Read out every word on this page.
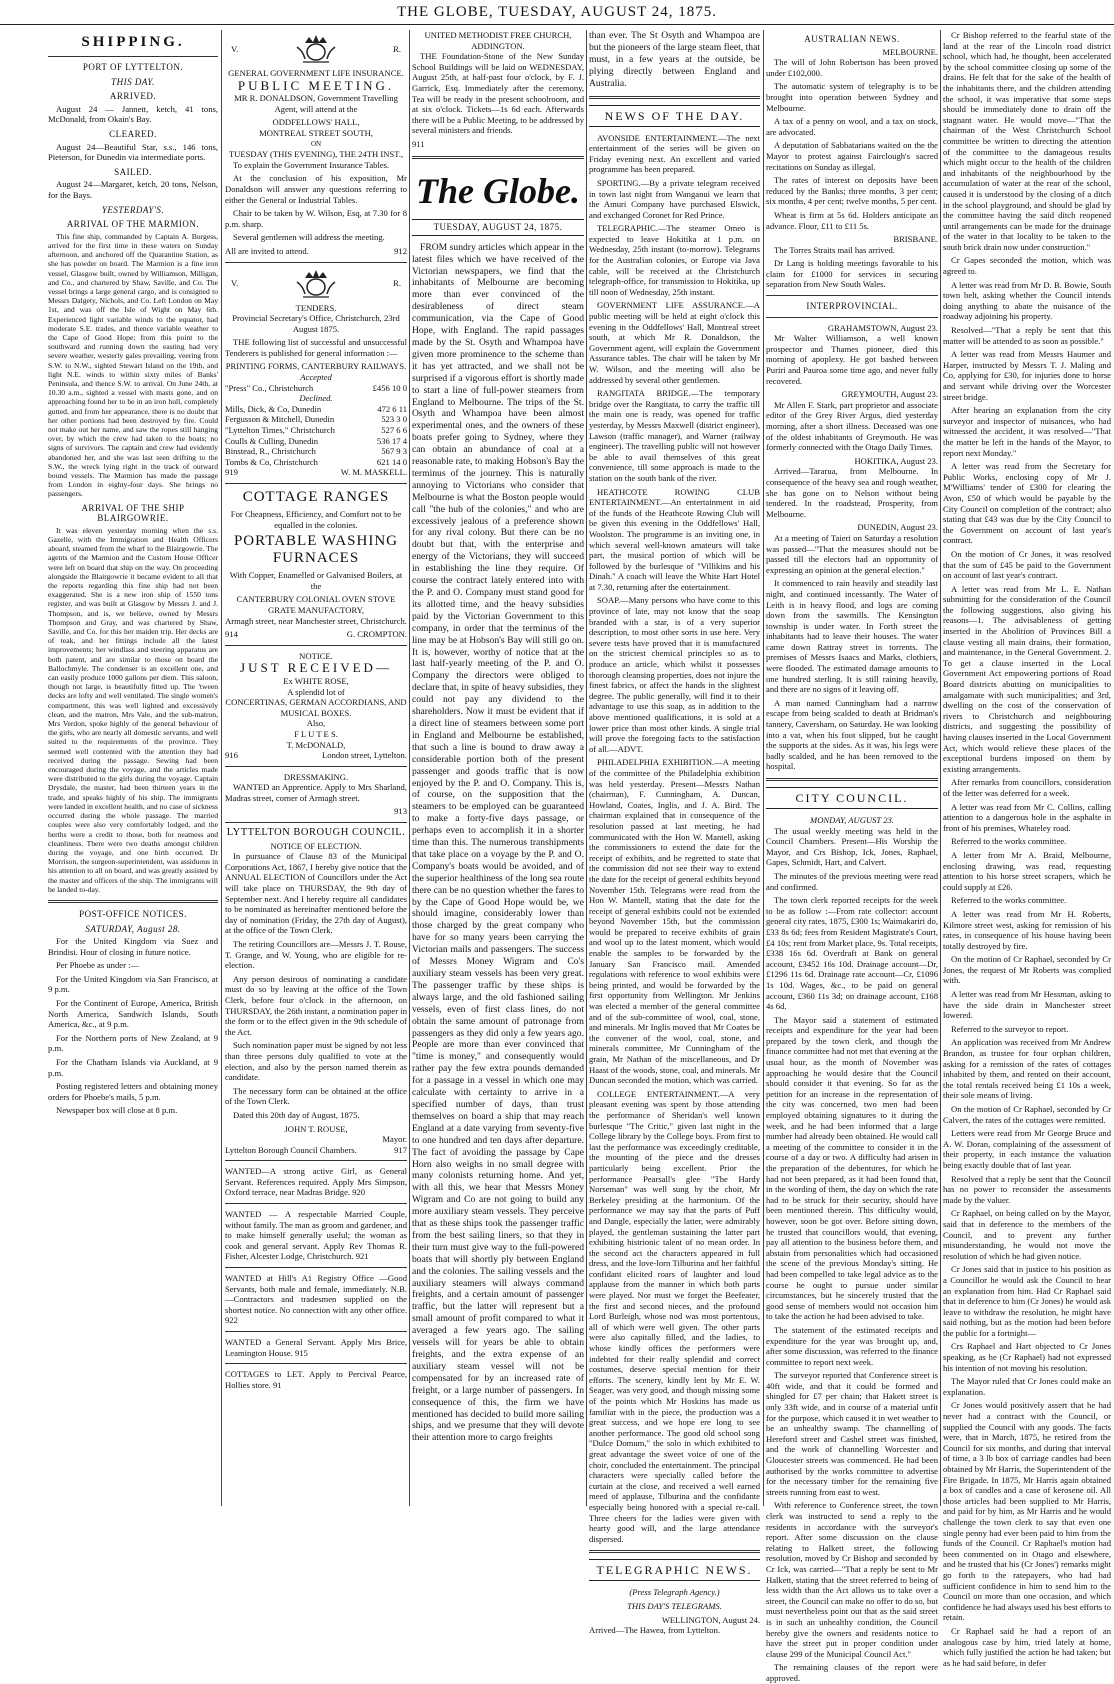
THE GLOBE, TUESDAY, AUGUST 24, 1875.
SHIPPING.
PORT OF LYTTELTON.
THIS DAY.
ARRIVED.

August 24 — Jannett, ketch, 41 tons, McDonald, from Okain's Bay.

CLEARED.

August 24—Beautiful Star, s.s., 146 tons, Pieterson, for Dunedin via intermediate ports.

SAILED.

August 24—Margaret, ketch, 20 tons, Nelson, for the Bays.

YESTERDAY'S.
ARRIVAL OF THE MARMION.

This fine ship, commanded by Captain A. Burgess, arrived for the first time in these waters on Sunday afternoon, and anchored off the Quarantine Station, as she has powder on board. The Marmion is a fine iron vessel, Glasgow built, owned by Williamson, Milligan, and Co., and chartered by Shaw, Saville, and Co. The vessel brings a large general cargo, and is consigned to Messrs Dalgety, Nichols, and Co. Left London on May 1st, and was off the Isle of Wight on May 6th. Experienced light variable winds to the equator, had moderate S.E. trades, and thence variable weather to the Cape of Good Hope; from this point to the southward and running down the easting had very severe weather, westerly gales prevailing, veering from S.W. to N.W., sighted Stewart Island on the 19th, and light N.E. winds to within sixty miles of Banks' Peninsula, and thence S.W. to arrival. On June 24th, at 10.30 a.m., sighted a vessel with masts gone, and on approaching found her to be in an iron hull, completely gutted, and from her appearance, there is no doubt that her other portions had been destroyed by fire. Could not make out her name, and saw the ropes still hanging over, by which the crew had taken to the boats; no signs of survivors. The captain and crew had evidently abandoned her, and she was last seen drifting to the S.W., the wreck lying right in the track of outward bound vessels. The Marmion has made the passage from London in eighty-four days. She brings no passengers.

ARRIVAL OF THE SHIP BLAIRGOWRIE.

It was eleven yesterday morning when the s.s. Gazelle, with the Immigration and Health Officers aboard, steamed from the wharf to the Blairgowrie. The agents of the Marmion and the Custom House Officer were left on board that ship on the way. On proceeding alongside the Blairgowrie it became evident to all that the reports regarding this fine ship had not been exaggerated. She is a new iron ship of 1550 tons register, and was built at Glasgow by Messrs J. and J. Thompson, and is, we believe, owned by Messrs Thompson and Gray, and was chartered by Shaw, Saville, and Co. for this her maiden trip. Her decks are of teak, and her fittings include all the latest improvements; her windlass and steering apparatus are both patent, and are similar to those on board the Ballochmyle. The condenser is an excellent one, and can easily produce 1000 gallons per diem. This saloon, though not large, is beautifully fitted up. The 'tween decks are lofty and well ventilated. The single women's compartment, this was well lighted and excessively clean, and the matron, Mrs Vale, and the sub-matron, Mrs Verdon, spoke highly of the general behaviour of the girls, who are nearly all domestic servants, and well suited to the requirements of the province. They seemed well contented with the attention they had received during the passage. Sewing had been encouraged during the voyage, and the articles made were distributed to the girls during the voyage. Captain Drysdale, the master, had been thirteen years in the trade, and speaks highly of his ship. The immigrants were landed in excellent health, and no case of sickness occurred during the whole passage. The married couples were also very comfortably lodged, and the berths were a credit to those, both for neatness and cleanliness. There were two deaths amongst children during the voyage, and one birth occurred. Dr Morrison, the surgeon-superintendent, was assiduous in his attention to all on board, and was greatly assisted by the master and officers of the ship. The immigrants will be landed to-day.

POST-OFFICE NOTICES.
SATURDAY, August 28.

For the United Kingdom via Suez and Brindisi. Hour of closing in future notice.

Per Phoebe as under :—

For the United Kingdom via San Francisco, at 9 p.m.

For the Continent of Europe, America, British North America, Sandwich Islands, South America, &c., at 9 p.m.

For the Northern ports of New Zealand, at 9 p.m.

For the Chatham Islands via Auckland, at 9 p.m.

Posting registered letters and obtaining money orders for Phoebe's mails, 5 p.m.

Newspaper box will close at 8 p.m.

V.	R.
GENERAL GOVERNMENT LIFE INSURANCE.
PUBLIC MEETING.

MR R. DONALDSON, Government Travelling Agent, will attend at the

ODDFELLOWS' HALL,
MONTREAL STREET SOUTH,
ON
TUESDAY (THIS EVENING), THE 24TH INST.,

To explain the Government Insurance Tables.

At the conclusion of his exposition, Mr Donaldson will answer any questions referring to either the General or Industrial Tables.

Chair to be taken by W. Wilson, Esq, at 7.30 for 8 p.m. sharp.

Several gentlemen will address the meeting.

All are invited to attend.	912
V.	R.
TENDERS.

Provincial Secretary's Office, Christchurch, 23rd August 1875.

THE following list of successful and unsuccessful Tenderers is published for general information :—

PRINTING FORMS, CANTERBURY RAILWAYS.
Accepted
"Press" Co., Christchurch	£456 10 0
Declined.
Mills, Dick, & Co, Dunedin	472 6 11
Fergusson & Mitchell, Dunedin	523 3 0
"Lyttelton Times," Christchurch	527 6 6
Coulls & Culling, Dunedin	536 17 4
Binstead, R., Christchurch	567 9 3
Tombs & Co, Christchurch	621 14 0
919	W. M. MASKELL.
COTTAGE RANGES

For Cheapness, Efficiency, and Comfort not to be equalled in the colonies.

PORTABLE WASHING FURNACES

With Copper, Enamelled or Galvanised Boilers, at the

CANTERBURY COLONIAL OVEN STOVE GRATE MANUFACTORY,

Armagh street, near Manchester street, Christchurch.

914	G. CROMPTON.
NOTICE.
JUST RECEIVED—
Ex WHITE ROSE,
A splendid lot of
CONCERTINAS, GERMAN ACCORDIANS, AND MUSICAL BOXES.
Also,
F L U T E S.
T. McDONALD,
916	London street, Lyttelton.
DRESSMAKING.

WANTED an Apprentice. Apply to Mrs Sharland, Madras street, corner of Armagh street.

913
LYTTELTON BOROUGH COUNCIL.
NOTICE OF ELECTION.

In pursuance of Clause 83 of the Municipal Corporations Act, 1867, I hereby give notice that the ANNUAL ELECTION of Councillors under the Act will take place on THURSDAY, the 9th day of September next. And I hereby require all candidates to be nominated as hereinafter mentioned before the day of nomination (Friday, the 27th day of August), at the office of the Town Clerk.

The retiring Councillors are—Messrs J. T. Rouse, T. Grange, and W. Young, who are eligible for re-election.

Any person desirous of nominating a candidate must do so by leaving at the office of the Town Clerk, before four o'clock in the afternoon, on THURSDAY, the 26th instant, a nomination paper in the form or to the effect given in the 9th schedule of the Act.

Such nomination paper must be signed by not less than three persons duly qualified to vote at the election, and also by the person named therein as candidate.

The necessary form can be obtained at the office of the Town Clerk.

Dated this 20th day of August, 1875.

JOHN T. ROUSE,
Mayor.
Lyttelton Borough Council Chambers.	917

WANTED—A strong active Girl, as General Servant. References required. Apply Mrs Simpson, Oxford terrace, near Madras Bridge. 920

WANTED — A respectable Married Couple, without family. The man as groom and gardener, and to make himself generally useful; the woman as cook and general servant. Apply Rev Thomas R. Fisher, Alcester Lodge, Christchurch. 921

WANTED at Hill's A1 Registry Office —Good Servants, both male and female, immediately. N.B.—Contractors and tradesmen supplied on the shortest notice. No connection with any other office. 922

WANTED a General Servant. Apply Mrs Brice, Leamington House. 915

COTTAGES to LET. Apply to Percival Pearce, Hollies store. 91

UNITED METHODIST FREE CHURCH, ADDINGTON.

THE Foundation-Stone of the New Sunday School Buildings will be laid on WEDNESDAY, August 25th, at half-past four o'clock, by F. J. Garrick, Esq. Immediately after the ceremony, Tea will be ready in the present schoolroom, and at six o'clock. Tickets—1s 6d each. Afterwards there will be a Public Meeting, to be addressed by several ministers and friends.

911
The Globe.
TUESDAY, AUGUST 24, 1875.

FROM sundry articles which appear in the latest files which we have received of the Victorian newspapers, we find that the inhabitants of Melbourne are becoming more than ever convinced of the desirableness of direct steam communication, via the Cape of Good Hope, with England. The rapid passages made by the St. Osyth and Whampoa have given more prominence to the scheme than it has yet attracted, and we shall not be surprised if a vigorous effort is shortly made to start a line of full-power steamers from England to Melbourne. The trips of the St. Osyth and Whampoa have been almost experimental ones, and the owners of these boats prefer going to Sydney, where they can obtain an abundance of coal at a reasonable rate, to making Hobson's Bay the terminus of the journey. This is naturally annoying to Victorians who consider that Melbourne is what the Boston people would call "the hub of the colonies," and who are excessively jealous of a preference shown for any rival colony. But there can be no doubt but that, with the enterprise and energy of the Victorians, they will succeed in establishing the line they require. Of course the contract lately entered into with the P. and O. Company must stand good for its allotted time, and the heavy subsidies paid by the Victorian Government to this company, in order that the terminus of the line may be at Hobson's Bay will still go on. It is, however, worthy of notice that at the last half-yearly meeting of the P. and O. Company the directors were obliged to declare that, in spite of heavy subsidies, they could not pay any dividend to the shareholders. Now it must be evident that if a direct line of steamers between some port in England and Melbourne be established, that such a line is bound to draw away a considerable portion both of the present passenger and goods traffic that is now enjoyed by the P. and O. Company. This is, of course, on the supposition that the steamers to be employed can be guaranteed to make a forty-five days passage, or perhaps even to accomplish it in a shorter time than this. The numerous transhipments that take place on a voyage by the P. and O. Company's boats would be avoided, and of the superior healthiness of the long sea route there can be no question whether the fares to by the Cape of Good Hope would be, we should imagine, considerably lower than those charged by the great company who have for so many years been carrying the Victorian mails and passengers. The success of Messrs Money Wigram and Co's auxiliary steam vessels has been very great. The passenger traffic by these ships is always large, and the old fashioned sailing vessels, even of first class lines, do not obtain the same amount of patronage from passengers as they did only a few years ago. People are more than ever convinced that "time is money," and consequently would rather pay the few extra pounds demanded for a passage in a vessel in which one may calculate with certainty to arrive in a specified number of days, than trust themselves on board a ship that may reach England at a date varying from seventy-five to one hundred and ten days after departure. The fact of avoiding the passage by Cape Horn also weighs in no small degree with many colonists returning home. And yet, with all this, we hear that Messrs Money Wigram and Co are not going to build any more auxiliary steam vessels. They perceive that as these ships took the passenger traffic from the best sailing liners, so that they in their turn must give way to the full-powered boats that will shortly ply between England and the colonies. The sailing vessels and the auxiliary steamers will always command freights, and a certain amount of passenger traffic, but the latter will represent but a small amount of profit compared to what it averaged a few years ago. The sailing vessels will for years be able to obtain freights, and the extra expense of an auxiliary steam vessel will not be compensated for by an increased rate of freight, or a large number of passengers. In consequence of this, the firm we have mentioned has decided to build more sailing ships, and we presume that they will devote their attention more to cargo freights

than ever. The St Osyth and Whampoa are but the pioneers of the large steam fleet, that must, in a few years at the outside, be plying directly between England and Australia.

NEWS OF THE DAY.

AVONSIDE ENTERTAINMENT.—The next entertainment of the series will be given on Friday evening next. An excellent and varied programme has been prepared.

SPORTING.—By a private telegram received in town last night from Wanganui we learn that the Amuri Company have purchased Elswick, and exchanged Coronet for Red Prince.

TELEGRAPHIC.—The steamer Omeo is expected to leave Hokitika at 1 p.m. on Wednesday, 25th instant (to-morrow). Telegrams for the Australian colonies, or Europe via Java cable, will be received at the Christchurch telegraph-office, for transmission to Hokitika, up till noon of Wednesday, 25th instant.

GOVERNMENT LIFE ASSURANCE.—A public meeting will be held at eight o'clock this evening in the Oddfellows' Hall, Montreal street south, at which Mr R. Donaldson, the Government agent, will explain the Government Assurance tables. The chair will be taken by Mr W. Wilson, and the meeting will also be addressed by several other gentlemen.

RANGITATA BRIDGE.—The temporary bridge over the Rangitata, to carry the traffic till the main one is ready, was opened for traffic yesterday, by Messrs Maxwell (district engineer), Lawson (traffic manager), and Warner (railway engineer). The travelling public will not however be able to avail themselves of this great convenience, till some approach is made to the station on the south bank of the river.

HEATHCOTE ROWING CLUB ENTERTAINMENT.—An entertainment in aid of the funds of the Heathcote Rowing Club will be given this evening in the Oddfellows' Hall, Woolston. The programme is an inviting one, in which several well-known amateurs will take part, the musical portion of which will be followed by the burlesque of "Villikins and his Dinah." A coach will leave the White Hart Hotel at 7.30, returning after the entertainment.

SOAP.—Many persons who have come to this province of late, may not know that the soap branded with a star, is of a very superior description, to most other sorts in use here. Very severe tests have proved that it is manufactured on the strictest chemical principles so as to produce an article, which whilst it possesses thorough cleansing properties, does not injure the finest fabrics, or affect the hands in the slightest degree. The public generally, will find it to their advantage to use this soap, as in addition to the above mentioned qualifications, it is sold at a lower price than most other kinds. A single trial will prove the foregoing facts to the satisfaction of all.—ADVT.

PHILADELPHIA EXHIBITION.—A meeting of the committee of the Philadelphia exhibition was held yesterday. Present—Messrs Nathan (chairman), F. Cunningham, A. Duncan, Howland, Coates, Inglis, and J. A. Bird. The chairman explained that in consequence of the resolution passed at last meeting, he had communicated with the Hon W. Mantell, asking the commissioners to extend the date for the receipt of exhibits, and he regretted to state that the commission did not see their way to extend the date for the receipt of general exhibits beyond November 15th. Telegrams were read from the Hon W. Mantell, stating that the date for the receipt of general exhibits could not be extended beyond November 15th, but the commission would be prepared to receive exhibits of grain and wool up to the latest moment, which would enable the samples to be forwarded by the January San Francisco mail. Amended regulations with reference to wool exhibits were being printed, and would be forwarded by the first opportunity from Wellington. Mr Jenkins was elected a member of the general committee and of the sub-committee of wool, coal, stone, and minerals. Mr Inglis moved that Mr Coates be the convener of the wool, coal, stone, and minerals committee, Mr Cunningham of the grain, Mr Nathan of the miscellaneous, and Dr Haast of the woods, stone, coal, and minerals. Mr Duncan seconded the motion, which was carried.

COLLEGE ENTERTAINMENT.—A very pleasant evening was spent by those attending the performance of Sheridan's well known burlesque "The Critic," given last night in the College library by the College boys. From first to last the performance was exceedingly creditable, the mounting of the piece and the dresses particularly being excellent. Prior the performance Pearsall's glee "The Hardy Norseman" was well sung by the choir, Mr Berkeley presiding at the harmonium. Of the performance we may say that the parts of Puff and Dangle, especially the latter, were admirably played, the gentleman sustaining the latter part exhibiting histrionic talent of no mean order. In the second act the characters appeared in full dress, and the love-lorn Tilburina and her faithful confidant elicited roars of laughter and loud applause from the manner in which both parts were played. Nor must we forget the Beefeater, the first and second nieces, and the profound Lord Burleigh, whose nod was most portentous, all of which were well given. The other parts were also capitally filled, and the ladies, to whose kindly offices the performers were indebted for their really splendid and correct costumes, deserve special mention for their efforts. The scenery, kindly lent by Mr E. W. Seager, was very good, and though missing some of the points which Mr Hoskins has made us familiar with in the piece, the production was a great success, and we hope ere long to see another performance. The good old school song "Dulce Domum," the solo in which exhibited to great advantage the sweet voice of one of the choir, concluded the entertainment. The principal characters were specially called before the curtain at the close, and received a well earned meed of applause, Tilburina and the confidante especially being honored with a special re-call. Three cheers for the ladies were given with hearty good will, and the large attendance dispersed.

TELEGRAPHIC NEWS.
(Press Telegraph Agency.)
THIS DAY'S TELEGRAMS.
WELLINGTON, August 24.

Arrived—The Hawea, from Lyttelton.

AUSTRALIAN NEWS.
MELBOURNE.

The will of John Robertson has been proved under £102,000.

The automatic system of telegraphy is to be brought into operation between Sydney and Melbourne.

A tax of a penny on wool, and a tax on stock, are advocated.

A deputation of Sabbatarians waited on the the Mayor to protest against Fairclough's sacred recitations on Sunday as illegal.

The rates of interest on deposits have been reduced by the Banks; three months, 3 per cent; six months, 4 per cent; twelve months, 5 per cent.

Wheat is firm at 5s 6d. Holders anticipate an advance. Flour, £11 to £11 5s.

BRISBANE.

The Torres Straits mail has arrived.

Dr Lang is holding meetings favorable to his claim for £1000 for services in securing separation from New South Wales.

INTERPROVINCIAL.
GRAHAMSTOWN, August 23.

Mr Walter Williamson, a well known prospector and Thames pioneer, died this morning of apoplexy. He got bashed between Puriri and Pauroa some time ago, and never fully recovered.

GREYMOUTH, August 23.

Mr Allen F. Stark, part proprietor and associate editor of the Grey River Argus, died yesterday morning, after a short illness. Deceased was one of the oldest inhabitants of Greymouth. He was formerly connected with the Otago Daily Times.

HOKITIKA, August 23.

Arrived—Tararua, from Melbourne. In consequence of the heavy sea and rough weather, she has gone on to Nelson without being tendered. In the roadstead, Prosperity, from Melbourne.

DUNEDIN, August 23.

At a meeting of Taieri on Saturday a resolution was passed—"That the measures should not be passed till the electors had an opportunity of expressing an opinion at the general election."

It commenced to rain heavily and steadily last night, and continued incessantly. The Water of Leith is in heavy flood, and logs are coming down from the sawmills. The Kensington township is under water. In Forth street the inhabitants had to leave their houses. The water came down Rattray street in torrents. The premises of Messrs Isaacs and Marks, clothiers, were flooded. The estimated damage amounts to one hundred sterling. It is still raining heavily, and there are no signs of it leaving off.

A man named Cunningham had a narrow escape from being scalded to death at Bridman's tannery, Caversham, on Saturday. He was looking into a vat, when his foot slipped, but he caught the supports at the sides. As it was, his legs were badly scalded, and he has been removed to the hospital.

CITY COUNCIL.
MONDAY, AUGUST 23.

The usual weekly meeting was held in the Council Chambers. Present—His Worship the Mayor, and Crs Bishop, Ick, Jones, Raphael, Gapes, Schmidt, Hart, and Calvert.

The minutes of the previous meeting were read and confirmed.

The town clerk reported receipts for the week to be as follow :—From rate collector: account general city rates, 1875, £300 1s; Waimakariri do, £33 8s 6d; fees from Resident Magistrate's Court, £4 10s; rent from Market place, 9s. Total receipts, £338 16s 6d. Overdraft at Bank on general account, £3452 16s 10d. Drainage account—Dr, £1296 11s 6d. Drainage rate account—Cr, £1096 1s 10d. Wages, &c., to be paid on general account, £360 11s 3d; on drainage account, £168 4s 6d.

The Mayor said a statement of estimated receipts and expenditure for the year had been prepared by the town clerk, and though the finance committee had not met that evening at the usual hour, as the month of November was approaching he would desire that the Council should consider it that evening. So far as the petition for an increase in the representation of the city was concerned, two men had been employed obtaining signatures to it during the week, and he had been informed that a large number had already been obtained. He would call a meeting of the committee to consider it in the course of a day or two. A difficulty had arisen in the preparation of the debentures, for which he had not been prepared, as it had been found that, in the wording of them, the day on which the rate had to be struck for their security, should have been mentioned therein. This difficulty would, however, soon be got over. Before sitting down, he trusted that councillors would, that evening, pay all attention to the business before them, and abstain from personalities which had occasioned the scene of the previous Monday's sitting. He had been compelled to take legal advice as to the course he ought to pursue under similar circumstances, but he sincerely trusted that the good sense of members would not occasion him to take the action he had been advised to take.

The statement of the estimated receipts and expenditure for the year was brought up, and, after some discussion, was referred to the finance committee to report next week.

The surveyor reported that Conference street is 40ft wide, and that it could be formed and shingled for £7 per chain; that Hakett street is only 33ft wide, and in course of a material unfit for the purpose, which caused it in wet weather to be an unhealthy swamp. The channelling of Hereford street and Cashel street was finished, and the work of channelling Worcester and Gloucester streets was commenced. He had been authorised by the works committee to advertise for the necessary timber for the remaining five streets running from east to west.

With reference to Conference street, the town clerk was instructed to send a reply to the residents in accordance with the surveyor's report. After some discussion on the clause relating to Halkett street, the following resolution, moved by Cr Bishop and seconded by Cr Ick, was carried—"That a reply be sent to Mr Halkett, stating that the street referred to being of less width than the Act allows us to take over a street, the Council can make no offer to do so, but must nevertheless point out that as the said street is in such an unhealthy condition, the Council hereby give the owners and residents notice to have the street put in proper condition under clause 299 of the Municipal Council Act."

The remaining clauses of the report were approved.

Cr Bishop referred to the fearful state of the land at the rear of the Lincoln road district school, which had, he thought, been accelerated by the school committee closing up some of the drains. He felt that for the sake of the health of the inhabitants there, and the children attending the school, it was imperative that some steps should be immediately done to drain off the stagnant water. He would move—"That the chairman of the West Christchurch School committee be written to directing the attention of the committee to the damageous results which might occur to the health of the children and inhabitants of the neighbourhood by the accumulation of water at the rear of the school, caused it is understood by the closing of a ditch in the school playground, and should be glad by the committee having the said ditch reopened until arrangements can be made for the drainage of the water in that locality to be taken to the south brick drain now under construction."

Cr Gapes seconded the motion, which was agreed to.

A letter was read from Mr D. B. Bowie, South town belt, asking whether the Council intends doing anything to abate the nuisance of the roadway adjoining his property.

Resolved—"That a reply be sent that this matter will be attended to as soon as possible."

A letter was read from Messrs Haumer and Harper, instructed by Messrs T. J. Maling and Co, applying for £30, for injuries done to horse and servant while driving over the Worcester street bridge.

After hearing an explanation from the city surveyor and inspector of nuisances, who had witnessed the accident, it was resolved—"That the matter be left in the hands of the Mayor, to report next Monday."

A letter was read from the Secretary for Public Works, enclosing copy of Mr J. M'Williams' tender of £300 for clearing the Avon, £50 of which would be payable by the City Council on completion of the contract; also stating that £43 was due by the City Council to the Government on account of last year's contract.

On the motion of Cr Jones, it was resolved that the sum of £45 be paid to the Government on account of last year's contract.

A letter was read from Mr L. E. Nathan submitting for the consideration of the Council the following suggestions, also giving his reasons—1. The advisableness of getting inserted in the Abolition of Provinces Bill a clause vesting all main drains, their formation, and maintenance, in the General Government. 2. To get a clause inserted in the Local Government Act empowering portions of Road Board districts abutting on municipalities to amalgamate with such municipalities; and 3rd, dwelling on the cost of the conservation of rivers to Christchurch and neighbouring districts, and suggesting the possibility of having clauses inserted in the Local Government Act, which would relieve these places of the exceptional burdens imposed on them by existing arrangements.

After remarks from councillors, consideration of the letter was deferred for a week.

A letter was read from Mr C. Collins, calling attention to a dangerous hole in the asphalte in front of his premises, Whateley road.

Referred to the works committee.

A letter from Mr A. Braid, Melbourne, enclosing drawing, was read, requesting attention to his horse street scrapers, which he could supply at £26.

Referred to the works committee.

A letter was read from Mr H. Roberts, Kilmore street west, asking for remission of his rates, in consequence of his house having been totally destroyed by fire.

On the motion of Cr Raphael, seconded by Cr Jones, the request of Mr Roberts was complied with.

A letter was read from Mr Hessman, asking to have the side drain in Manchester street lowered.

Referred to the surveyor to report.

An application was received from Mr Andrew Brandon, as trustee for four orphan children, asking for a remission of the rates of cottages inhabited by them, and rented on their account, the total rentals received being £1 10s a week, their sole means of living.

On the motion of Cr Raphael, seconded by Cr Calvert, the rates of the cottages were remitted.

Letters were read from Mr George Bruce and A. W. Doran, complaining of the assessment of their property, in each instance the valuation being exactly double that of last year.

Resolved that a reply be sent that the Council has no power to reconsider the assessments made by the valuer.

Cr Raphael, on being called on by the Mayor, said that in deference to the members of the Council, and to prevent any further misunderstanding, he would not move the resolution of which he had given notice.

Cr Jones said that in justice to his position as a Councillor he would ask the Council to hear an explanation from him. Had Cr Raphael said that in deference to him (Cr Jones) he would ask leave to withdraw the resolution, he might have said nothing, but as the motion had been before the public for a fortnight—

Crs Raphael and Hart objected to Cr Jones speaking, as he (Cr Raphael) had not expressed his intention of not moving his resolution.

The Mayor ruled that Cr Jones could make an explanation.

Cr Jones would positively assert that he had never had a contract with the Council, or supplied the Council with any goods. The facts were, that in March, 1875, he retired from the Council for six months, and during that interval of time, a 3 lb box of carriage candles had been obtained by Mr Harris, the Superintendent of the Fire Brigade. In 1875, Mr Harris again obtained a box of candles and a case of kerosene oil. All those articles had been supplied to Mr Harris, and paid for by him, as Mr Harris and he would challenge the town clerk to say that even one single penny had ever been paid to him from the funds of the Council. Cr Raphael's motion had been commented on in Otago and elsewhere, and he trusted that his (Cr Jones') remarks might go forth to the ratepayers, who had had sufficient confidence in him to send him to the Council on more than one occasion, and which confidence he had always used his best efforts to retain.

Cr Raphael said he had a report of an analogous case by him, tried lately at home, which fully justified the action he had taken; but as he had said before, in defer
